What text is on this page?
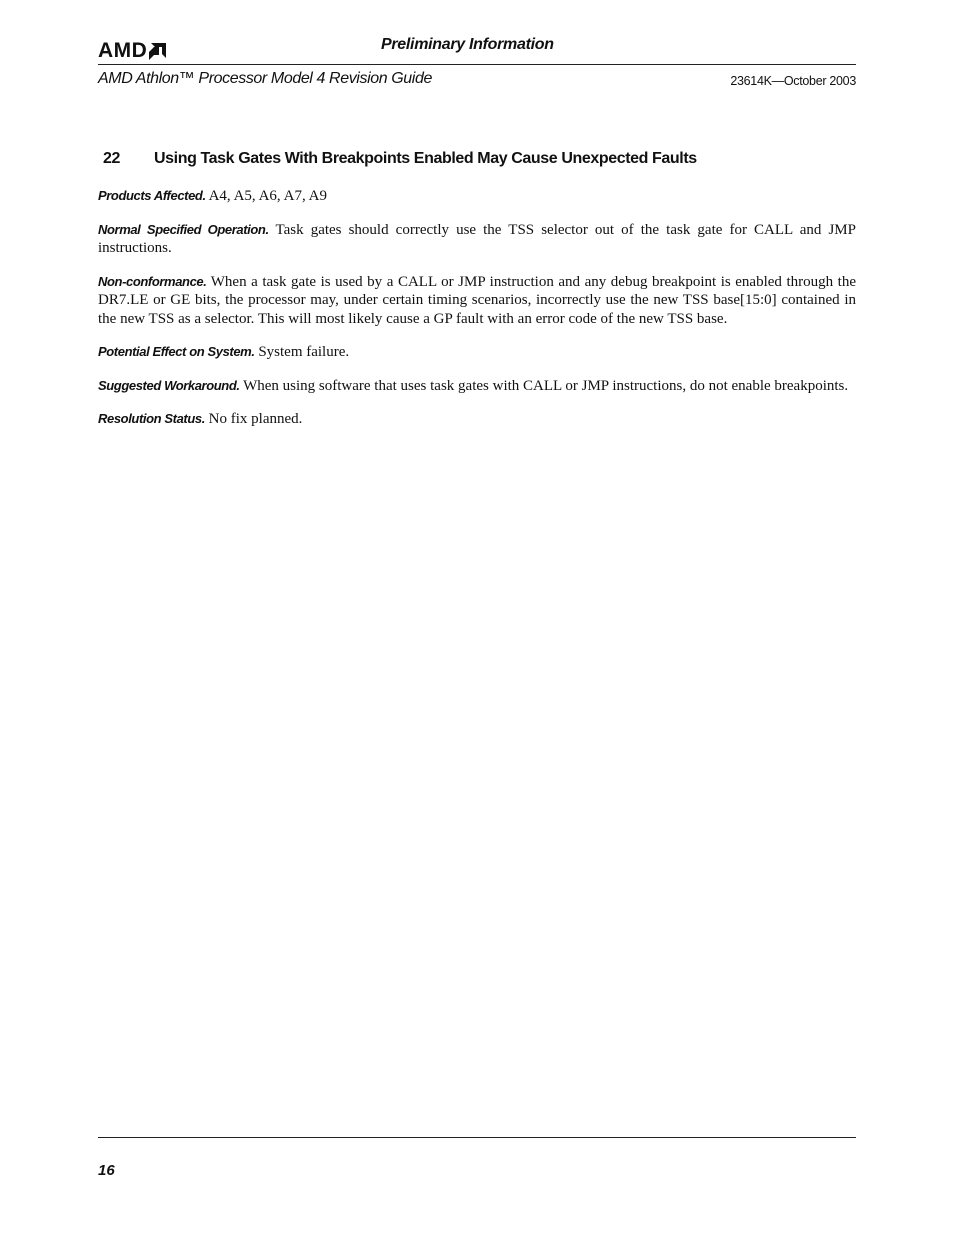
AMD	Preliminary Information
AMD Athlon™ Processor Model 4 Revision Guide	23614K—October 2003
22	Using Task Gates With Breakpoints Enabled May Cause Unexpected Faults

Products Affected. A4, A5, A6, A7, A9

Normal Specified Operation. Task gates should correctly use the TSS selector out of the task gate for CALL and JMP instructions.

Non-conformance. When a task gate is used by a CALL or JMP instruction and any debug breakpoint is enabled through the DR7.LE or GE bits, the processor may, under certain timing scenarios, incorrectly use the new TSS base[15:0] contained in the new TSS as a selector. This will most likely cause a GP fault with an error code of the new TSS base.

Potential Effect on System. System failure.

Suggested Workaround. When using software that uses task gates with CALL or JMP instructions, do not enable breakpoints.

Resolution Status. No fix planned.

16
